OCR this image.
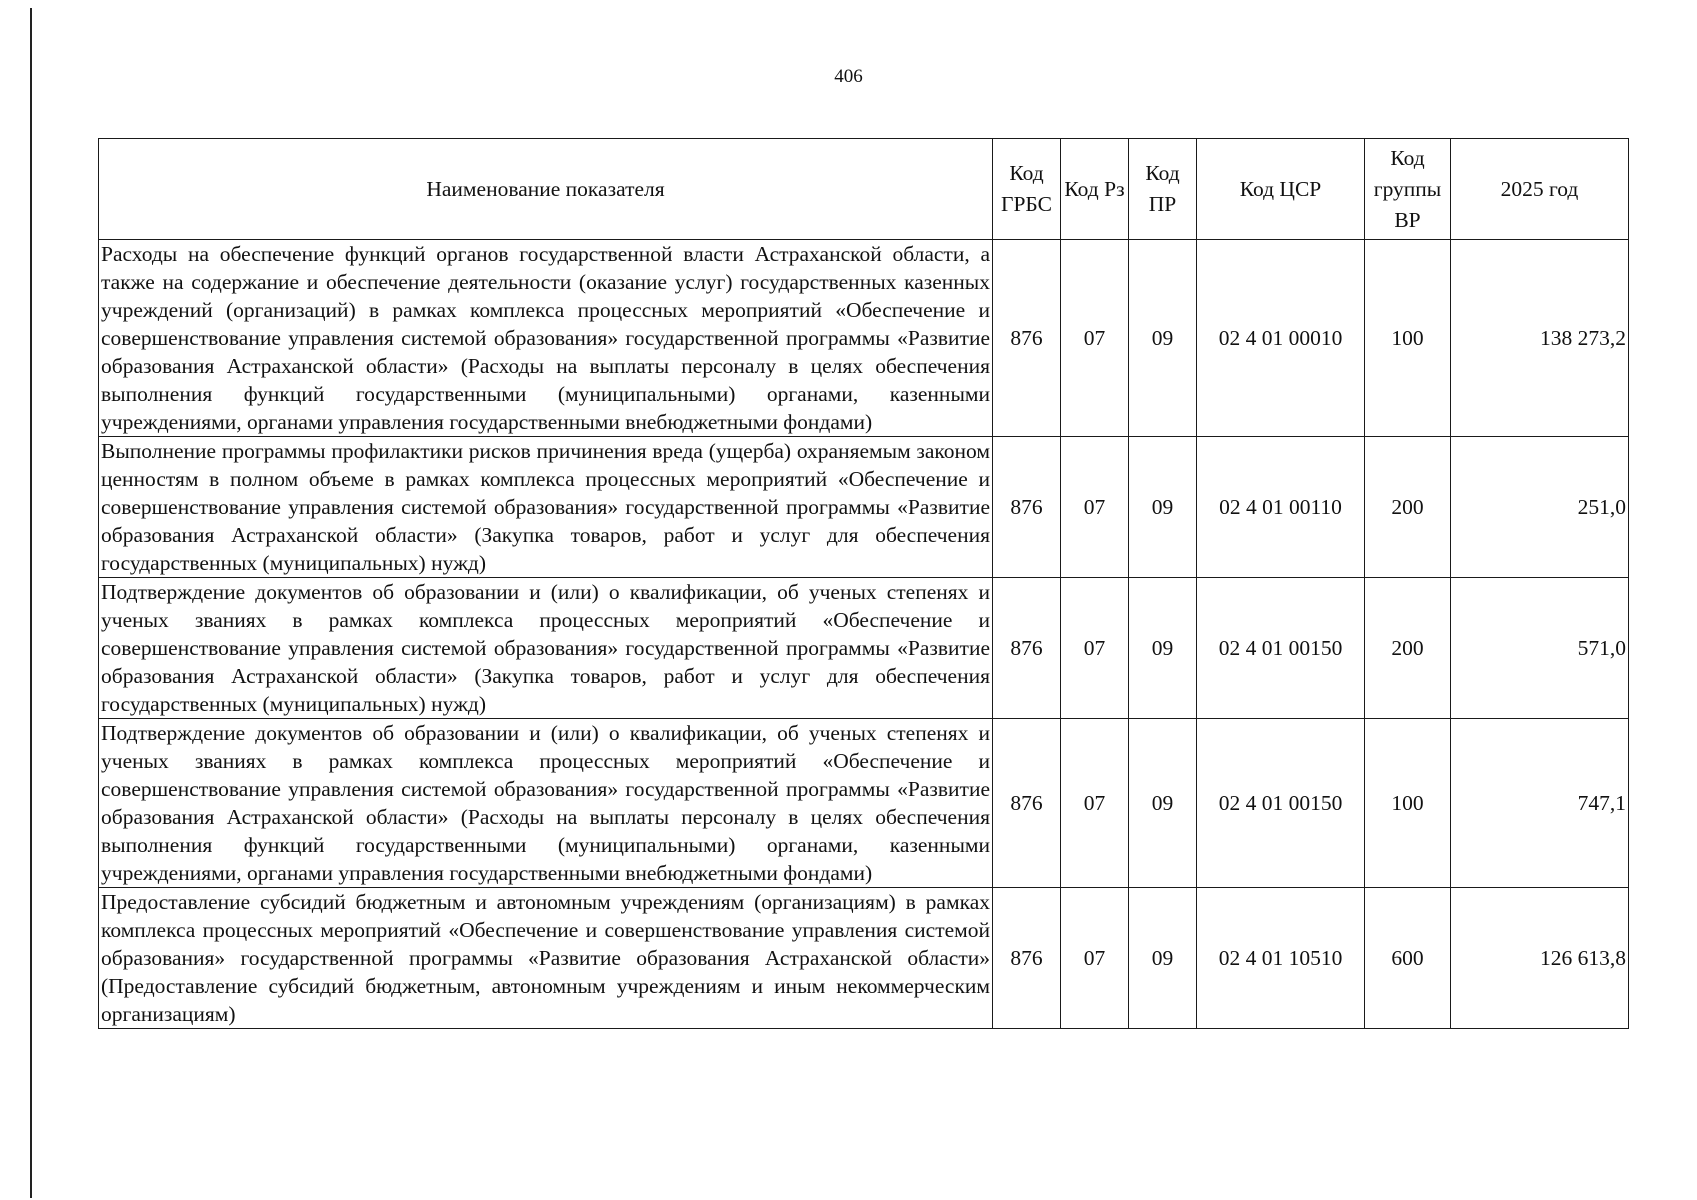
406
Наименование показателя	Код ГРБС	Код Рз	Код ПР	Код ЦСР	Код группы ВР	2025 год
Расходы на обеспечение функций органов государственной власти Астраханской области, а также на содержание и обеспечение деятельности (оказание услуг) государственных казенных учреждений (организаций) в рамках комплекса процессных мероприятий «Обеспечение и совершенствование управления системой образования» государственной программы «Развитие образования Астраханской области» (Расходы на выплаты персоналу в целях обеспечения выполнения функций государственными (муниципальными) органами, казенными учреждениями, органами управления государственными внебюджетными фондами)	876	07	09	02 4 01 00010	100	138 273,2
Выполнение программы профилактики рисков причинения вреда (ущерба) охраняемым законом ценностям в полном объеме в рамках комплекса процессных мероприятий «Обеспечение и совершенствование управления системой образования» государственной программы «Развитие образования Астраханской области» (Закупка товаров, работ и услуг для обеспечения государственных (муниципальных) нужд)	876	07	09	02 4 01 00110	200	251,0
Подтверждение документов об образовании и (или) о квалификации, об ученых степенях и ученых званиях в рамках комплекса процессных мероприятий «Обеспечение и совершенствование управления системой образования» государственной программы «Развитие образования Астраханской области» (Закупка товаров, работ и услуг для обеспечения государственных (муниципальных) нужд)	876	07	09	02 4 01 00150	200	571,0
Подтверждение документов об образовании и (или) о квалификации, об ученых степенях и ученых званиях в рамках комплекса процессных мероприятий «Обеспечение и совершенствование управления системой образования» государственной программы «Развитие образования Астраханской области» (Расходы на выплаты персоналу в целях обеспечения выполнения функций государственными (муниципальными) органами, казенными учреждениями, органами управления государственными внебюджетными фондами)	876	07	09	02 4 01 00150	100	747,1
Предоставление субсидий бюджетным и автономным учреждениям (организациям) в рамках комплекса процессных мероприятий «Обеспечение и совершенствование управления системой образования» государственной программы «Развитие образования Астраханской области» (Предоставление субсидий бюджетным, автономным учреждениям и иным некоммерческим организациям)	876	07	09	02 4 01 10510	600	126 613,8
